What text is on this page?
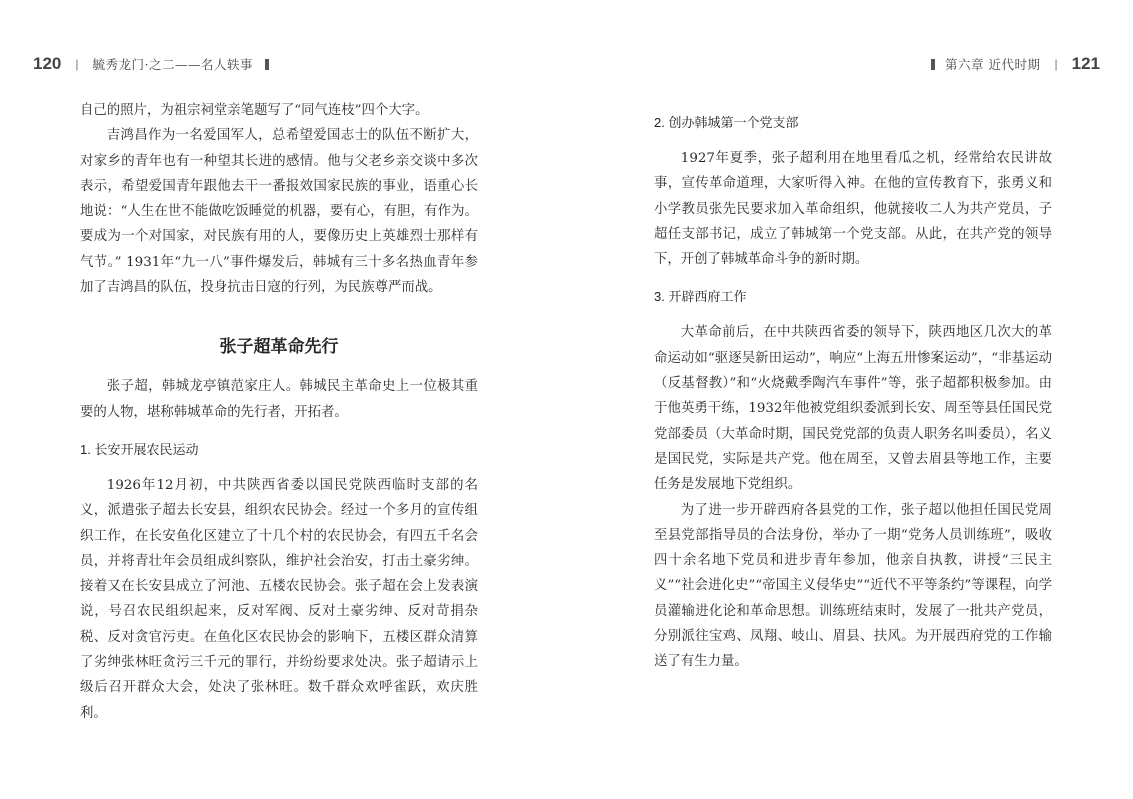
120 | 毓秀龙门·之二——名人轶事	第六章 近代时期 | 121

自己的照片，为祖宗祠堂亲笔题写了“同气连枝”四个大字。

吉鸿昌作为一名爱国军人，总希望爱国志士的队伍不断扩大，对家乡的青年也有一种望其长进的感情。他与父老乡亲交谈中多次表示，希望爱国青年跟他去干一番报效国家民族的事业，语重心长地说：“人生在世不能做吃饭睡觉的机器，要有心，有胆，有作为。要成为一个对国家，对民族有用的人，要像历史上英雄烈士那样有气节。” 1931年“九一八”事件爆发后，韩城有三十多名热血青年参加了吉鸿昌的队伍，投身抗击日寇的行列，为民族尊严而战。

张子超革命先行

张子超，韩城龙亭镇范家庄人。韩城民主革命史上一位极其重要的人物，堪称韩城革命的先行者，开拓者。

1. 长安开展农民运动

1926年12月初，中共陕西省委以国民党陕西临时支部的名义，派遣张子超去长安县，组织农民协会。经过一个多月的宣传组织工作，在长安鱼化区建立了十几个村的农民协会，有四五千名会员，并将青壮年会员组成纠察队，维护社会治安，打击土豪劣绅。接着又在长安县成立了河池、五楼农民协会。张子超在会上发表演说，号召农民组织起来，反对军阀、反对土豪劣绅、反对苛捐杂税、反对贪官污吏。在鱼化区农民协会的影响下，五楼区群众清算了劣绅张林旺贪污三千元的罪行，并纷纷要求处决。张子超请示上级后召开群众大会，处决了张林旺。数千群众欢呼雀跃，欢庆胜利。

2. 创办韩城第一个党支部

1927年夏季，张子超利用在地里看瓜之机，经常给农民讲故事，宣传革命道理，大家听得入神。在他的宣传教育下，张勇义和小学教员张先民要求加入革命组织，他就接收二人为共产党员，子超任支部书记，成立了韩城第一个党支部。从此，在共产党的领导下，开创了韩城革命斗争的新时期。

3. 开辟西府工作

大革命前后，在中共陕西省委的领导下，陕西地区几次大的革命运动如“驱逐吴新田运动”，响应“上海五卅惨案运动”，“非基运动（反基督教）”和“火烧戴季陶汽车事件”等，张子超都积极参加。由于他英勇干练，1932年他被党组织委派到长安、周至等县任国民党党部委员（大革命时期，国民党党部的负责人职务名叫委员），名义是国民党，实际是共产党。他在周至，又曾去眉县等地工作，主要任务是发展地下党组织。

为了进一步开辟西府各县党的工作，张子超以他担任国民党周至县党部指导员的合法身份，举办了一期“党务人员训练班”，吸收四十余名地下党员和进步青年参加，他亲自执教，讲授“三民主义”“社会进化史”“帝国主义侵华史”“近代不平等条约”等课程，向学员灌输进化论和革命思想。训练班结束时，发展了一批共产党员，分别派往宝鸡、凤翔、岐山、眉县、扶风。为开展西府党的工作输送了有生力量。
